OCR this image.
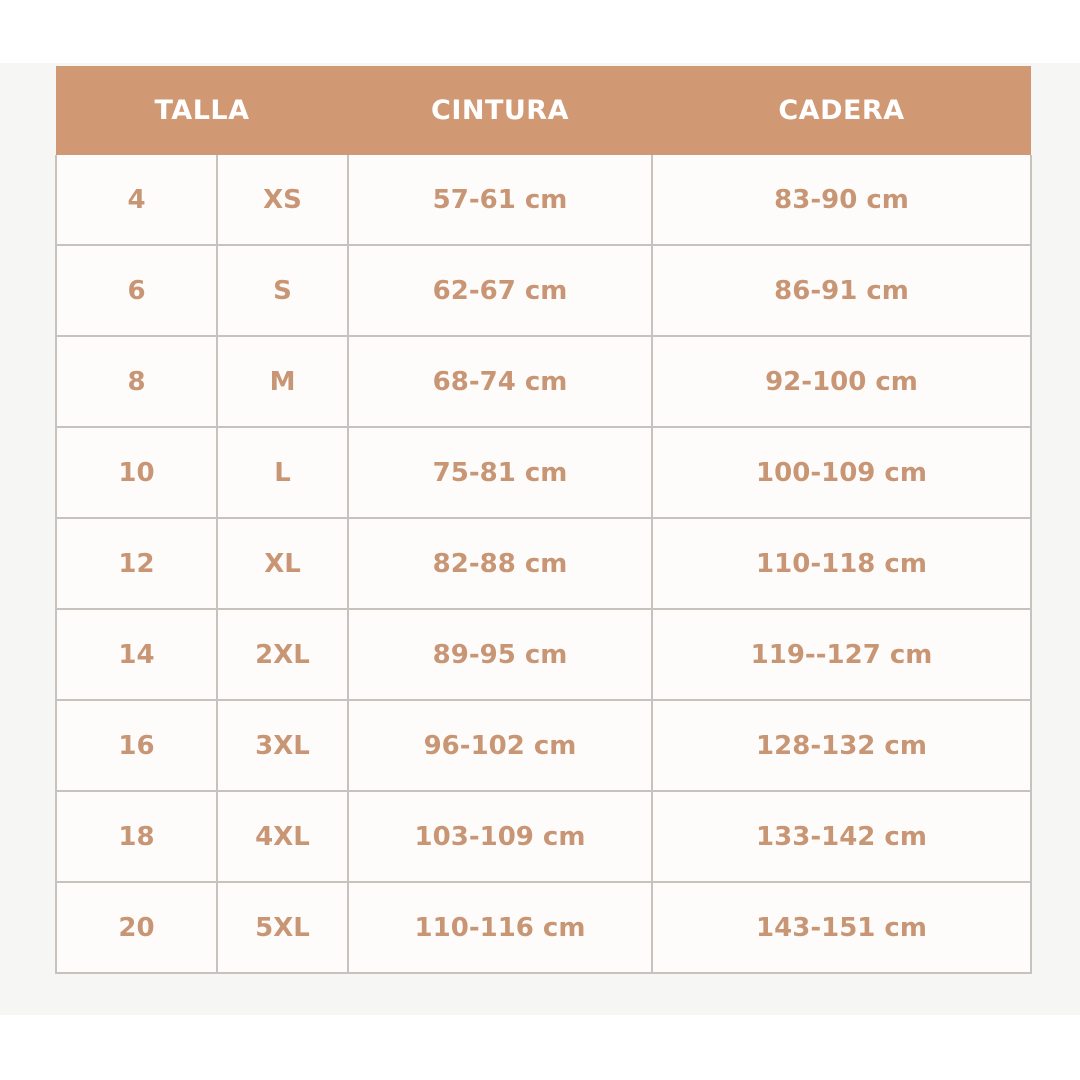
TALLA		CINTURA	CADERA
4	XS	57-61 cm	83-90 cm
6	S	62-67 cm	86-91 cm
8	M	68-74 cm	92-100 cm
10	L	75-81 cm	100-109 cm
12	XL	82-88 cm	110-118 cm
14	2XL	89-95 cm	119--127 cm
16	3XL	96-102 cm	128-132 cm
18	4XL	103-109 cm	133-142 cm
20	5XL	110-116 cm	143-151 cm
